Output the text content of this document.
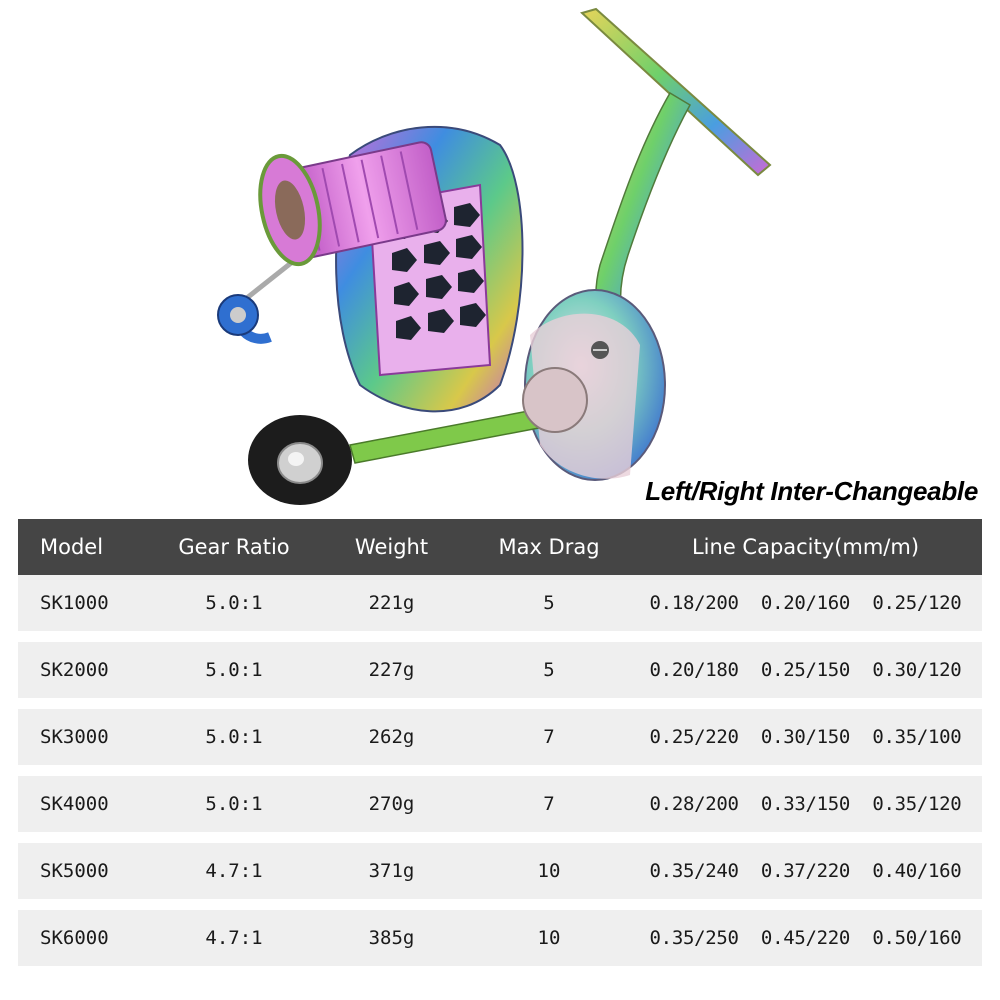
Left/Right Inter-Changeable
Model	Gear Ratio	Weight	Max Drag	Line Capacity(mm/m)
SK1000	5.0:1	221g	5	0.18/200  0.20/160  0.25/120
SK2000	5.0:1	227g	5	0.20/180  0.25/150  0.30/120
SK3000	5.0:1	262g	7	0.25/220  0.30/150  0.35/100
SK4000	5.0:1	270g	7	0.28/200  0.33/150  0.35/120
SK5000	4.7:1	371g	10	0.35/240  0.37/220  0.40/160
SK6000	4.7:1	385g	10	0.35/250  0.45/220  0.50/160
